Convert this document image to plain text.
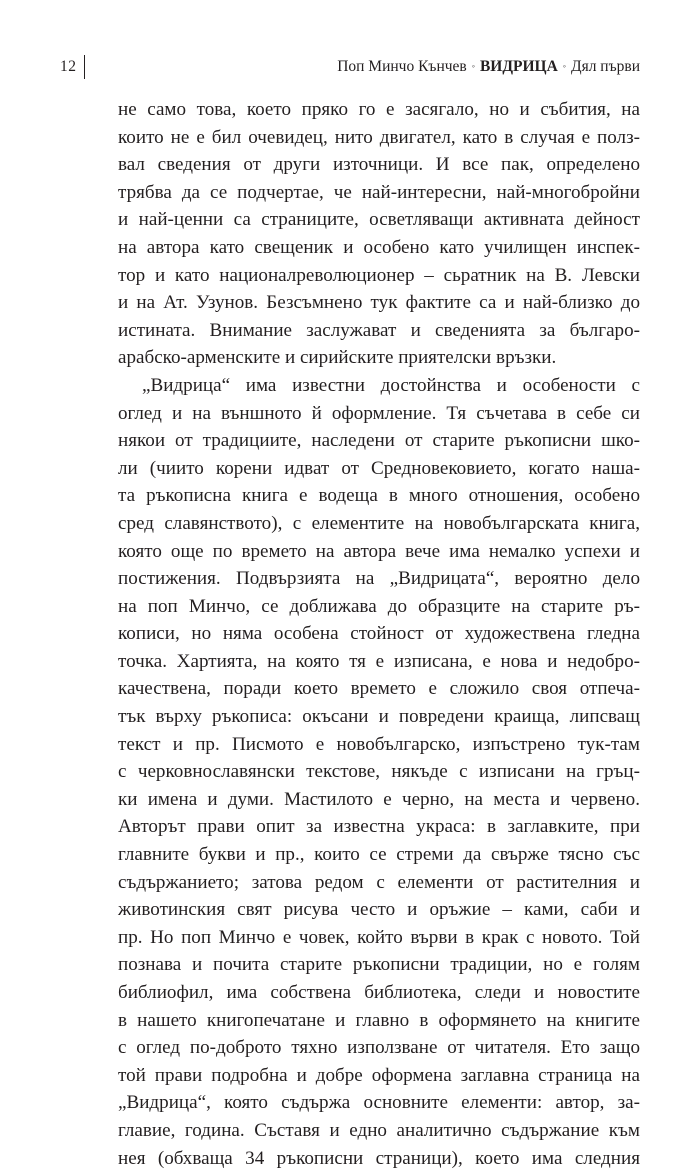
12	Поп Минчо Кънчев ◦ ВИДРИЦА ◦ Дял първи

не само това, което пряко го е засягало, но и събития, на
които не е бил очевидец, нито двигател, като в случая е полз-
вал сведения от други източници. И все пак, определено
трябва да се подчертае, че най-интересни, най-многобройни
и най-ценни са страниците, осветляващи активната дейност
на автора като свещеник и особено като училищен инспек-
тор и като националреволюционер – сьратник на В. Левски
и на Ат. Узунов. Безсъмнено тук фактите са и най-близко до
истината. Внимание заслужават и сведенията за българо-
арабско-арменските и сирийските приятелски връзки.

„Видрица“ има известни достойнства и особености с
оглед и на външното й оформление. Тя съчетава в себе си
някои от традициите, наследени от старите ръкописни шко-
ли (чиито корени идват от Средновековието, когато наша-
та ръкописна книга е водеща в много отношения, особено
сред славянството), с елементите на новобългарската книга,
която още по времето на автора вече има немалко успехи и
постижения. Подвързията на „Видрицата“, вероятно дело
на поп Минчо, се доближава до образците на старите ръ-
кописи, но няма особена стойност от художествена гледна
точка. Хартията, на която тя е изписана, е нова и недобро-
качествена, поради което времето е сложило своя отпеча-
тък върху ръкописа: окъсани и повредени краища, липсващ
текст и пр. Писмото е новобългарско, изпъстрено тук-там
с черковнославянски текстове, някъде с изписани на гръц-
ки имена и думи. Мастилото е черно, на места и червено.
Авторът прави опит за известна украса: в заглавките, при
главните букви и пр., които се стреми да свърже тясно със
съдържанието; затова редом с елементи от растителния и
животинския свят рисува често и оръжие – ками, саби и
пр. Но поп Минчо е човек, който върви в крак с новото. Той
познава и почита старите ръкописни традиции, но е голям
библиофил, има собствена библиотека, следи и новостите
в нашето книгопечатане и главно в оформянето на книгите
с оглед по-доброто тяхно използване от читателя. Ето защо
той прави подробна и добре оформена заглавна страница на
„Видрица“, която съдържа основните елементи: автор, за-
главие, година. Съставя и едно аналитично съдържание към
нея (обхваща 34 ръкописни страници), което има следния
